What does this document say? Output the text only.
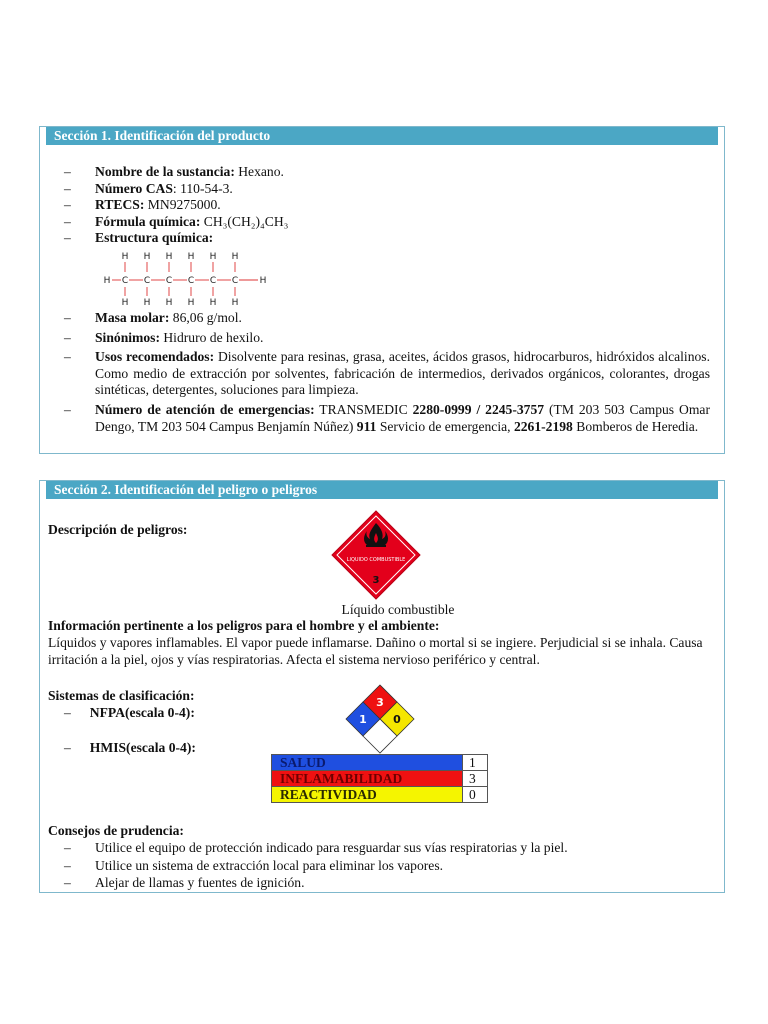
Sección 1. Identificación del producto
– Nombre de la sustancia: Hexano.
– Número CAS: 110-54-3.
– RTECS: MN9275000.
– Fórmula química: CH₃(CH₂)₄CH₃
– Estructura química:
H	H
H
C
H
H
C
H
H
C
H
H
C
H
H
C
H
H
C
H
– Masa molar: 86,06 g/mol.
– Sinónimos: Hidruro de hexilo.
– Usos recomendados: Disolvente para resinas, grasa, aceites, ácidos grasos, hidrocarburos, hidróxidos alcalinos. Como medio de extracción por solventes, fabricación de intermedios, derivados orgánicos, colorantes, drogas sintéticas, detergentes, soluciones para limpieza.
– Número de atención de emergencias: TRANSMEDIC 2280-0999 / 2245-3757 (TM 203 503 Campus Omar Dengo, TM 203 504 Campus Benjamín Núñez) 911 Servicio de emergencia, 2261-2198 Bomberos de Heredia.
Sección 2. Identificación del peligro o peligros
Descripción de peligros:
LIQUIDO COMBUSTIBLE
3
Líquido combustible
Información pertinente a los peligros para el hombre y el ambiente:
Líquidos y vapores inflamables. El vapor puede inflamarse. Dañino o mortal si se ingiere. Perjudicial si se inhala. Causa irritación a la piel, ojos y vías respiratorias. Afecta el sistema nervioso periférico y central.
Sistemas de clasificación:
– NFPA(escala 0-4):
3
1 0
– HMIS(escala 0-4):
SALUD	1
INFLAMABILIDAD	3
REACTIVIDAD	0
Consejos de prudencia:
– Utilice el equipo de protección indicado para resguardar sus vías respiratorias y la piel.
– Utilice un sistema de extracción local para eliminar los vapores.
– Alejar de llamas y fuentes de ignición.
